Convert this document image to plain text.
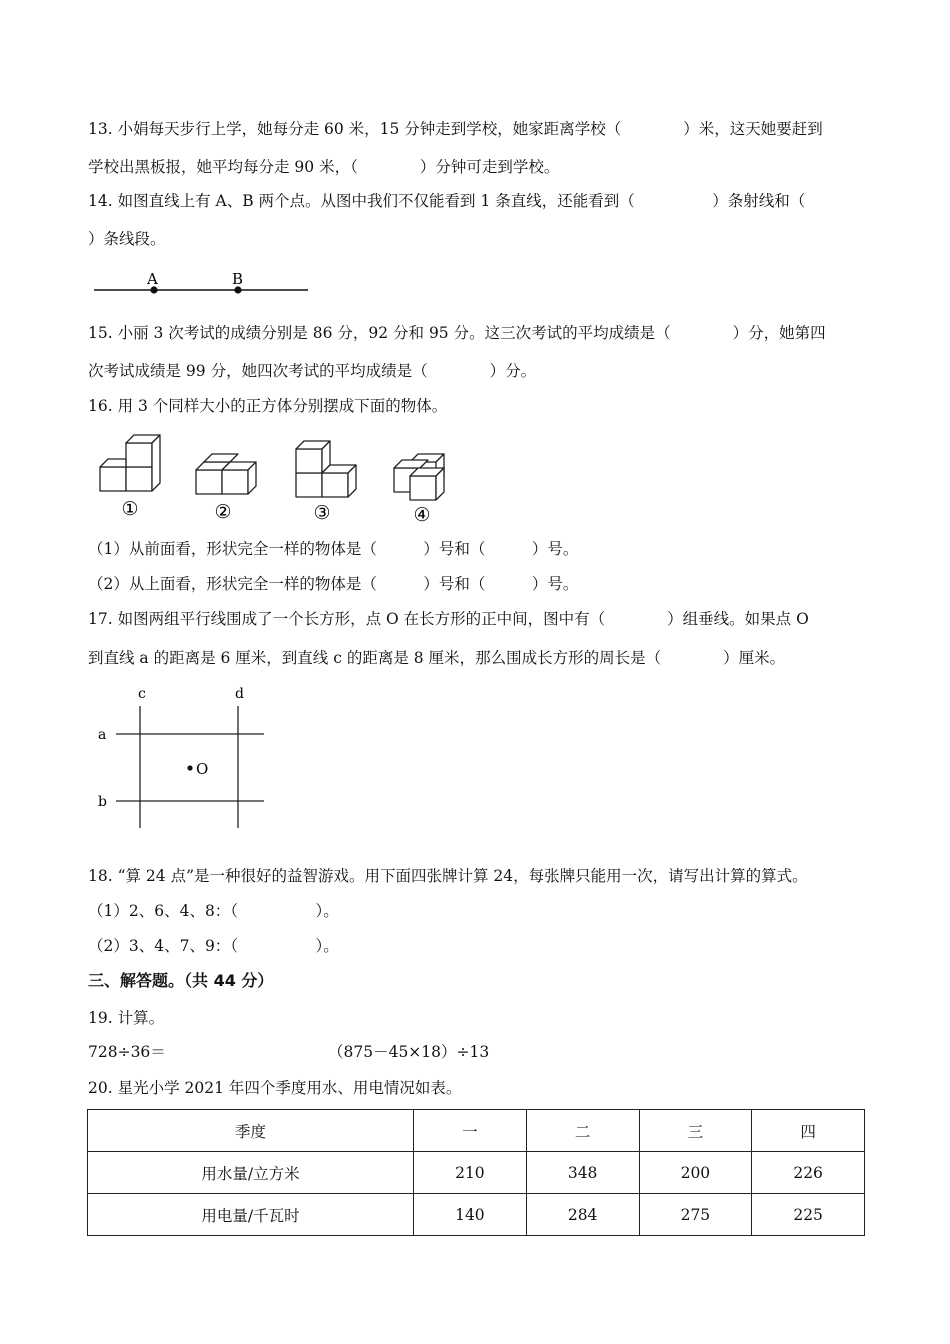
13. 小娟每天步行上学，她每分走 60 米，15 分钟走到学校，她家距离学校（　　　　）米，这天她要赶到
学校出黑板报，她平均每分走 90 米，（　　　　）分钟可走到学校。
14. 如图直线上有 A、B 两个点。从图中我们不仅能看到 1 条直线，还能看到（　　　　　）条射线和（
）条线段。
A	B
15. 小丽 3 次考试的成绩分别是 86 分，92 分和 95 分。这三次考试的平均成绩是（　　　　）分，她第四
次考试成绩是 99 分，她四次考试的平均成绩是（　　　　）分。
16. 用 3 个同样大小的正方体分别摆成下面的物体。
①	②	③	④
（1）从前面看，形状完全一样的物体是（　　　）号和（　　　）号。
（2）从上面看，形状完全一样的物体是（　　　）号和（　　　）号。
17. 如图两组平行线围成了一个长方形，点 O 在长方形的正中间，图中有（　　　　）组垂线。如果点 O
到直线 a 的距离是 6 厘米，到直线 c 的距离是 8 厘米，那么围成长方形的周长是（　　　　）厘米。
O
c	d
a
b
18. “算 24 点”是一种很好的益智游戏。用下面四张牌计算 24，每张牌只能用一次，请写出计算的算式。
（1）2、6、4、8：（　　　　　）。
（2）3、4、7、9：（　　　　　）。
三、解答题。（共 44 分）
19. 计算。
728÷36＝	（875－45×18）÷13
20. 星光小学 2021 年四个季度用水、用电情况如表。
季度	一	二	三	四
用水量/立方米	210	348	200	226
用电量/千瓦时	140	284	275	225
